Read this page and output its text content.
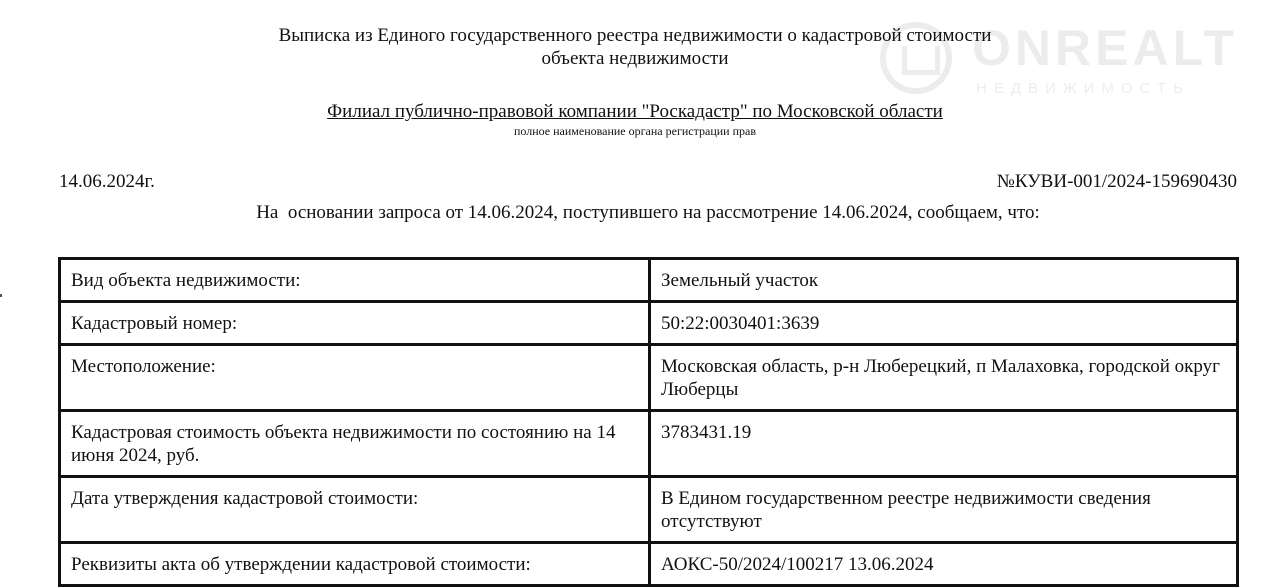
ONREALT
НЕДВИЖИМОСТЬ
Выписка из Единого государственного реестра недвижимости о кадастровой стоимости
объекта недвижимости
Филиал публично-правовой компании "Роскадастр" по Московской области
полное наименование органа регистрации прав
14.06.2024г.	№КУВИ-001/2024-159690430
На  основании запроса от 14.06.2024, поступившего на рассмотрение 14.06.2024, сообщаем, что:
Вид объекта недвижимости:	Земельный участок
Кадастровый номер:	50:22:0030401:3639
Местоположение:	Московская область, р-н Люберецкий, п Малаховка, городской округ Люберцы
Кадастровая стоимость объекта недвижимости по состоянию на 14 июня 2024, руб.	3783431.19
Дата утверждения кадастровой стоимости:	В Едином государственном реестре недвижимости сведения отсутствуют
Реквизиты акта об утверждении кадастровой стоимости:	АОКС-50/2024/100217 13.06.2024
